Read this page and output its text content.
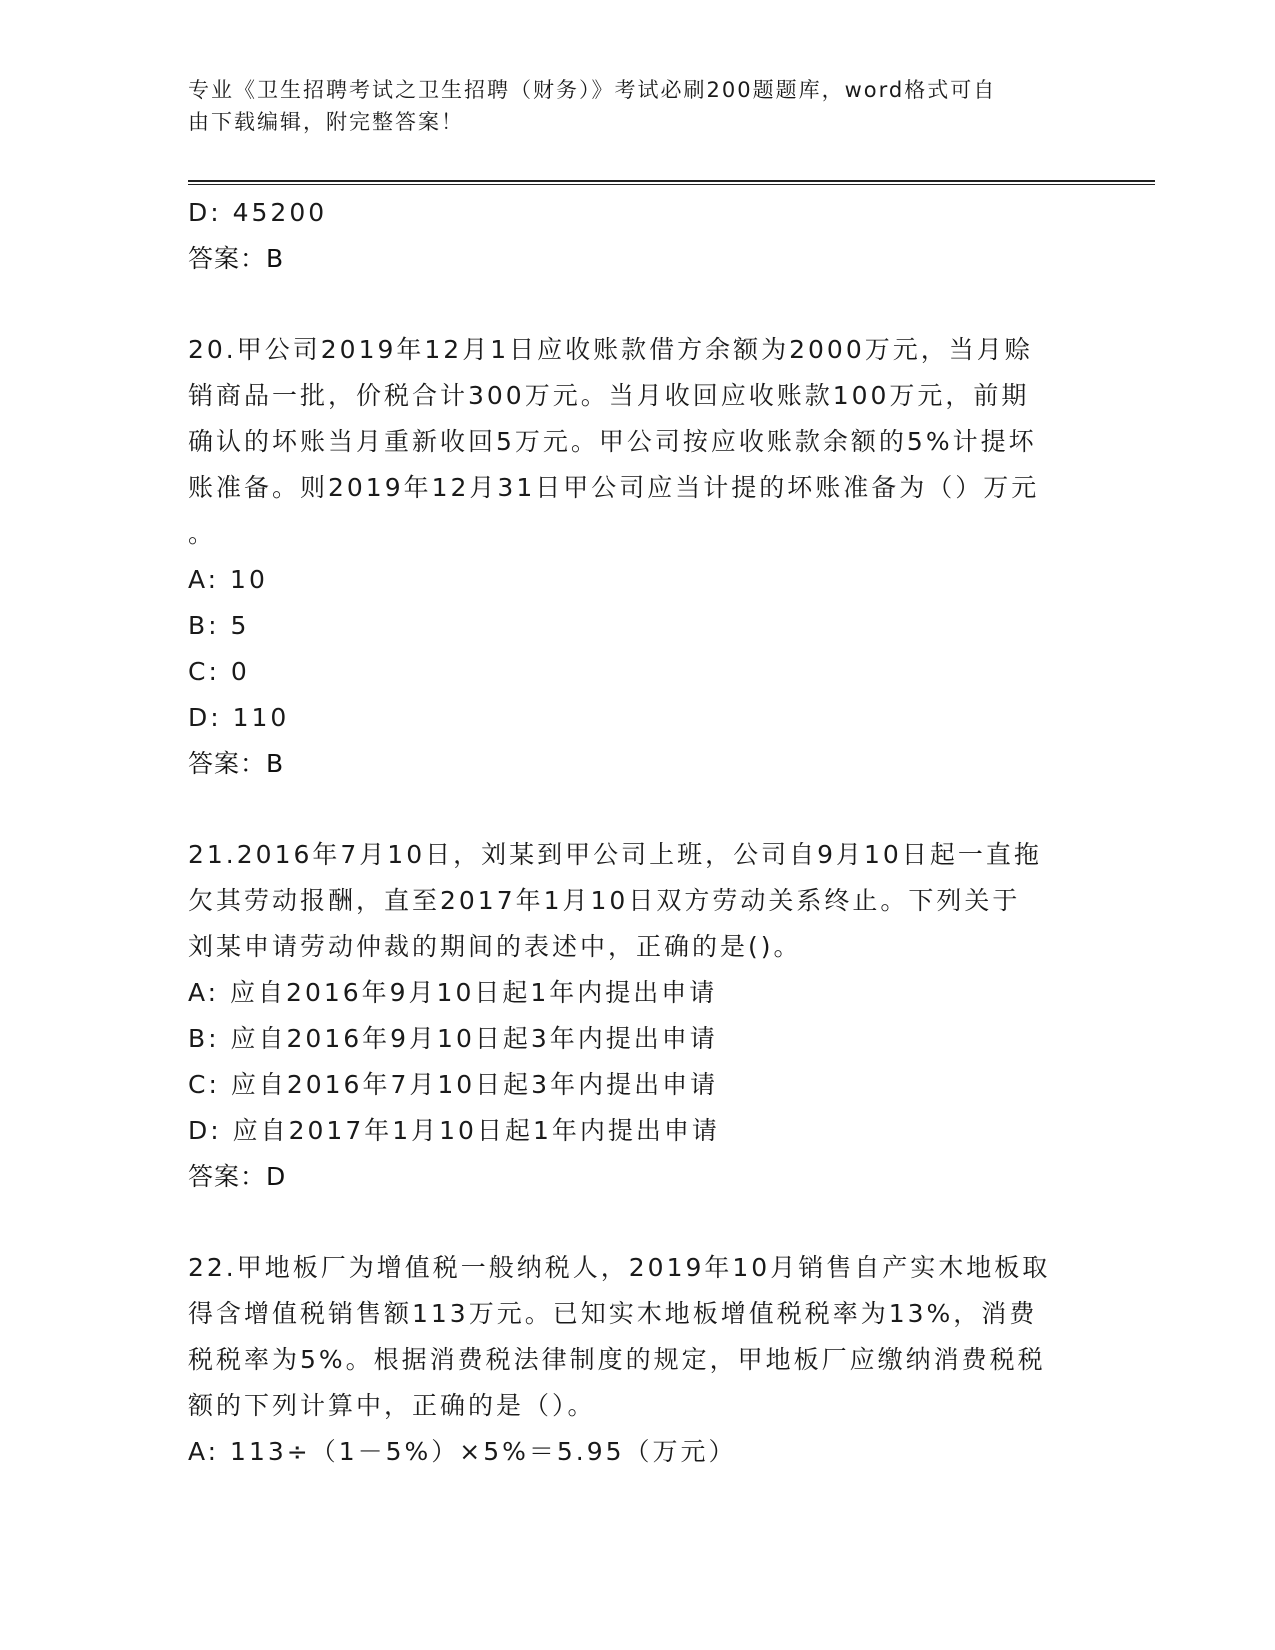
专业《卫生招聘考试之卫生招聘（财务）》考试必刷200题题库，word格式可自
由下载编辑，附完整答案！
D: 45200
答案：B
20.甲公司2019年12月1日应收账款借方余额为2000万元，当月赊
销商品一批，价税合计300万元。当月收回应收账款100万元，前期
确认的坏账当月重新收回5万元。甲公司按应收账款余额的5%计提坏
账准备。则2019年12月31日甲公司应当计提的坏账准备为（）万元
。
A: 10
B: 5
C: 0
D: 110
答案：B
21.2016年7月10日，刘某到甲公司上班，公司自9月10日起一直拖
欠其劳动报酬，直至2017年1月10日双方劳动关系终止。下列关于
刘某申请劳动仲裁的期间的表述中，正确的是()。
A: 应自2016年9月10日起1年内提出申请
B: 应自2016年9月10日起3年内提出申请
C: 应自2016年7月10日起3年内提出申请
D: 应自2017年1月10日起1年内提出申请
答案：D
22.甲地板厂为增值税一般纳税人，2019年10月销售自产实木地板取
得含增值税销售额113万元。已知实木地板增值税税率为13%，消费
税税率为5%。根据消费税法律制度的规定，甲地板厂应缴纳消费税税
额的下列计算中，正确的是（）。
A: 113÷（1－5%）×5%＝5.95（万元）
